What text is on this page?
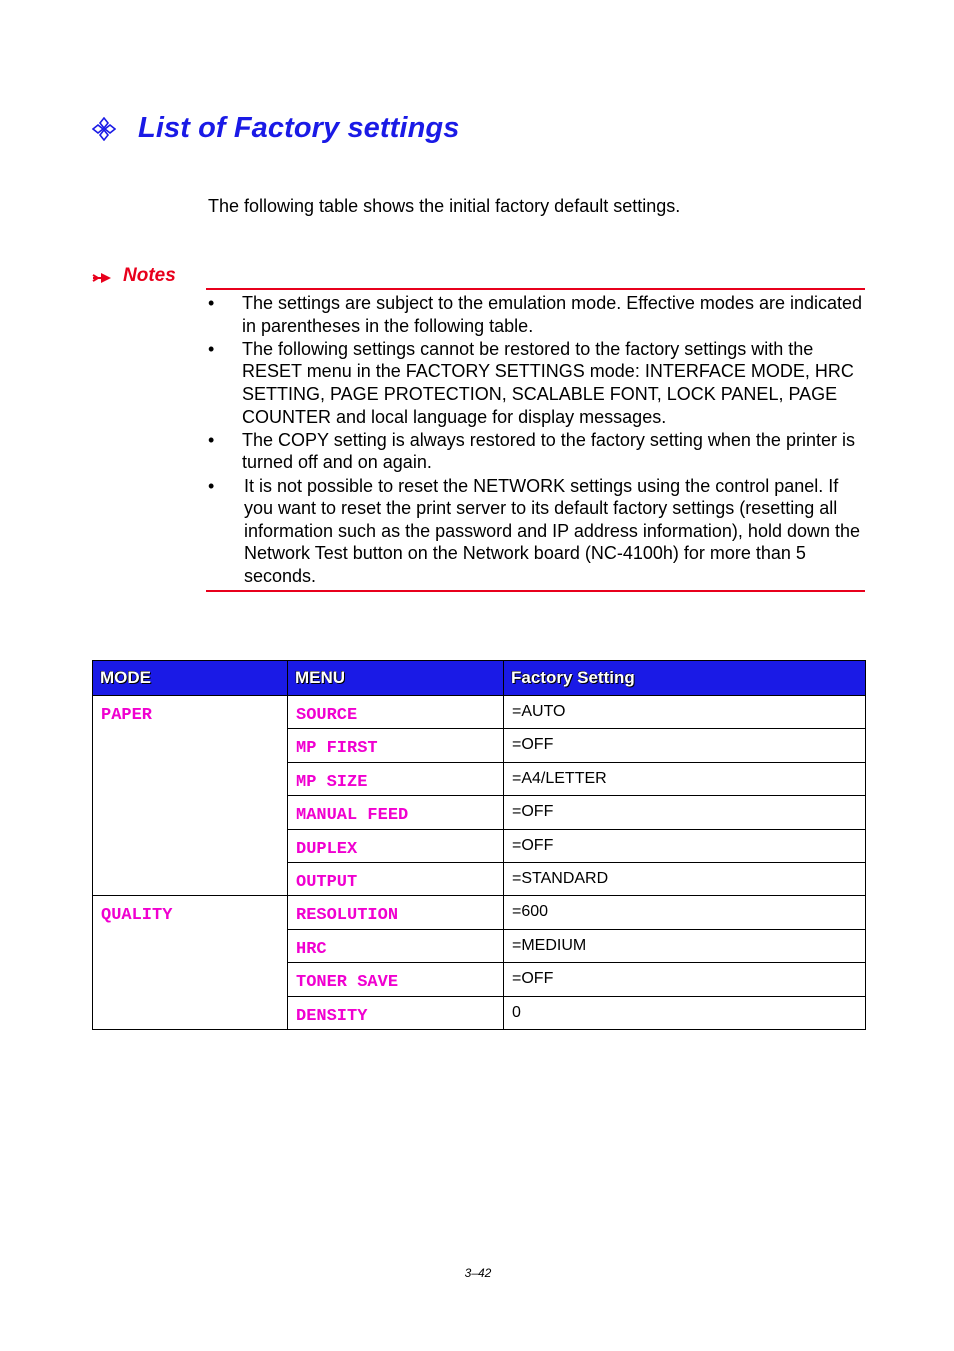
List of Factory settings

The following table shows the initial factory default settings.

Notes
• The settings are subject to the emulation mode. Effective modes are indicated in parentheses in the following table.
• The following settings cannot be restored to the factory settings with the RESET menu in the FACTORY SETTINGS mode: INTERFACE MODE, HRC SETTING, PAGE PROTECTION, SCALABLE FONT, LOCK PANEL, PAGE COUNTER and local language for display messages.
• The COPY setting is always restored to the factory setting when the printer is turned off and on again.
• It is not possible to reset the NETWORK settings using the control panel. If you want to reset the print server to its default factory settings (resetting all information such as the password and IP address information), hold down the Network Test button on the Network board (NC-4100h) for more than 5 seconds.
MODE	MENU	Factory Setting
PAPER	SOURCE	=AUTO
	MP FIRST	=OFF
	MP SIZE	=A4/LETTER
	MANUAL FEED	=OFF
	DUPLEX	=OFF
	OUTPUT	=STANDARD
QUALITY	RESOLUTION	=600
	HRC	=MEDIUM
	TONER SAVE	=OFF
	DENSITY	0
3–42
